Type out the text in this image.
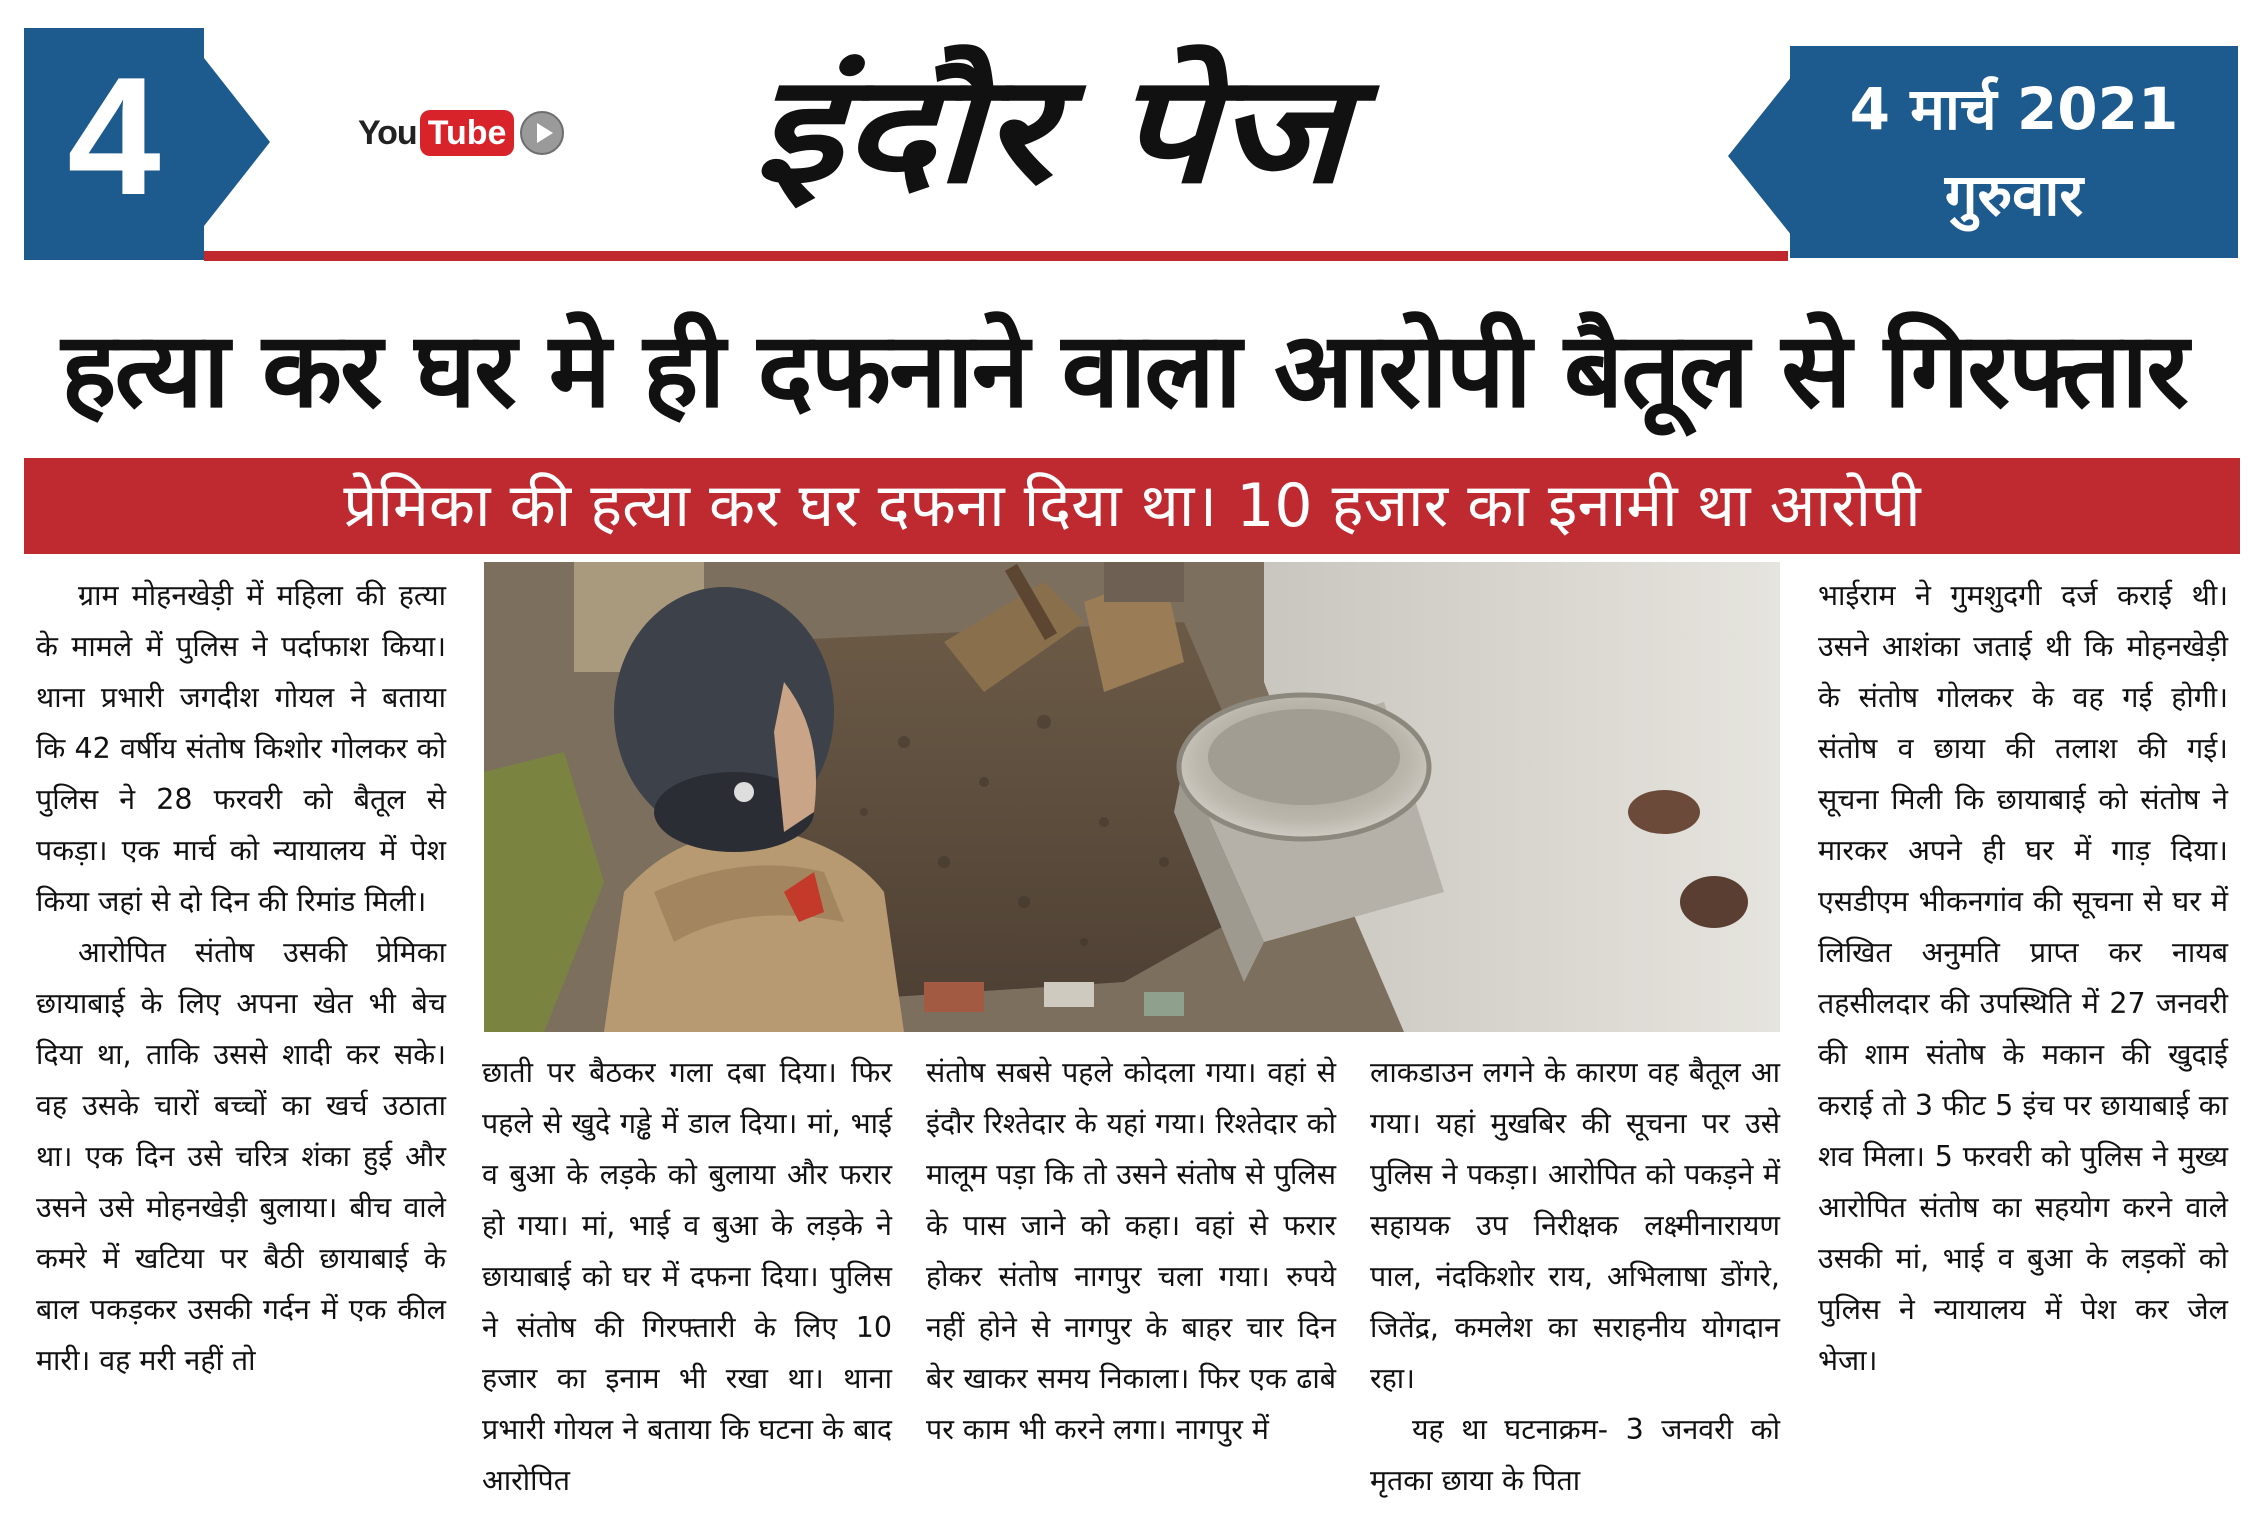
4	You Tube	इंदौर पेज	4 मार्च 2021
गुरुवार
हत्या कर घर मे ही दफनाने वाला आरोपी बैतूल से गिरफ्तार
प्रेमिका की हत्या कर घर दफना दिया था। 10 हजार का इनामी था आरोपी

ग्राम मोहनखेड़ी में महिला की हत्या के मामले में पुलिस ने पर्दाफाश किया। थाना प्रभारी जगदीश गोयल ने बताया कि 42 वर्षीय संतोष किशोर गोलकर को पुलिस ने 28 फरवरी को बैतूल से पकड़ा। एक मार्च को न्यायालय में पेश किया जहां से दो दिन की रिमांड मिली।

आरोपित संतोष उसकी प्रेमिका छायाबाई के लिए अपना खेत भी बेच दिया था, ताकि उससे शादी कर सके। वह उसके चारों बच्चों का खर्च उठाता था। एक दिन उसे चरित्र शंका हुई और उसने उसे मोहनखेड़ी बुलाया। बीच वाले कमरे में खटिया पर बैठी छायाबाई के बाल पकड़कर उसकी गर्दन में एक कील मारी। वह मरी नहीं तो

छाती पर बैठकर गला दबा दिया। फिर पहले से खुदे गड्ढे में डाल दिया। मां, भाई व बुआ के लड़के को बुलाया और फरार हो गया। मां, भाई व बुआ के लड़के ने छायाबाई को घर में दफना दिया। पुलिस ने संतोष की गिरफ्तारी के लिए 10 हजार का इनाम भी रखा था। थाना प्रभारी गोयल ने बताया कि घटना के बाद आरोपित

संतोष सबसे पहले कोदला गया। वहां से इंदौर रिश्तेदार के यहां गया। रिश्तेदार को मालूम पड़ा कि तो उसने संतोष से पुलिस के पास जाने को कहा। वहां से फरार होकर संतोष नागपुर चला गया। रुपये नहीं होने से नागपुर के बाहर चार दिन बेर खाकर समय निकाला। फिर एक ढाबे पर काम भी करने लगा। नागपुर में

लाकडाउन लगने के कारण वह बैतूल आ गया। यहां मुखबिर की सूचना पर उसे पुलिस ने पकड़ा। आरोपित को पकड़ने में सहायक उप निरीक्षक लक्ष्मीनारायण पाल, नंदकिशोर राय, अभिलाषा डोंगरे, जितेंद्र, कमलेश का सराहनीय योगदान रहा।

यह था घटनाक्रम- 3 जनवरी को मृतका छाया के पिता

भाईराम ने गुमशुदगी दर्ज कराई थी। उसने आशंका जताई थी कि मोहनखेड़ी के संतोष गोलकर के वह गई होगी। संतोष व छाया की तलाश की गई। सूचना मिली कि छायाबाई को संतोष ने मारकर अपने ही घर में गाड़ दिया। एसडीएम भीकनगांव की सूचना से घर में लिखित अनुमति प्राप्त कर नायब तहसीलदार की उपस्थिति में 27 जनवरी की शाम संतोष के मकान की खुदाई कराई तो 3 फीट 5 इंच पर छायाबाई का शव मिला। 5 फरवरी को पुलिस ने मुख्य आरोपित संतोष का सहयोग करने वाले उसकी मां, भाई व बुआ के लड़कों को पुलिस ने न्यायालय में पेश कर जेल भेजा।
